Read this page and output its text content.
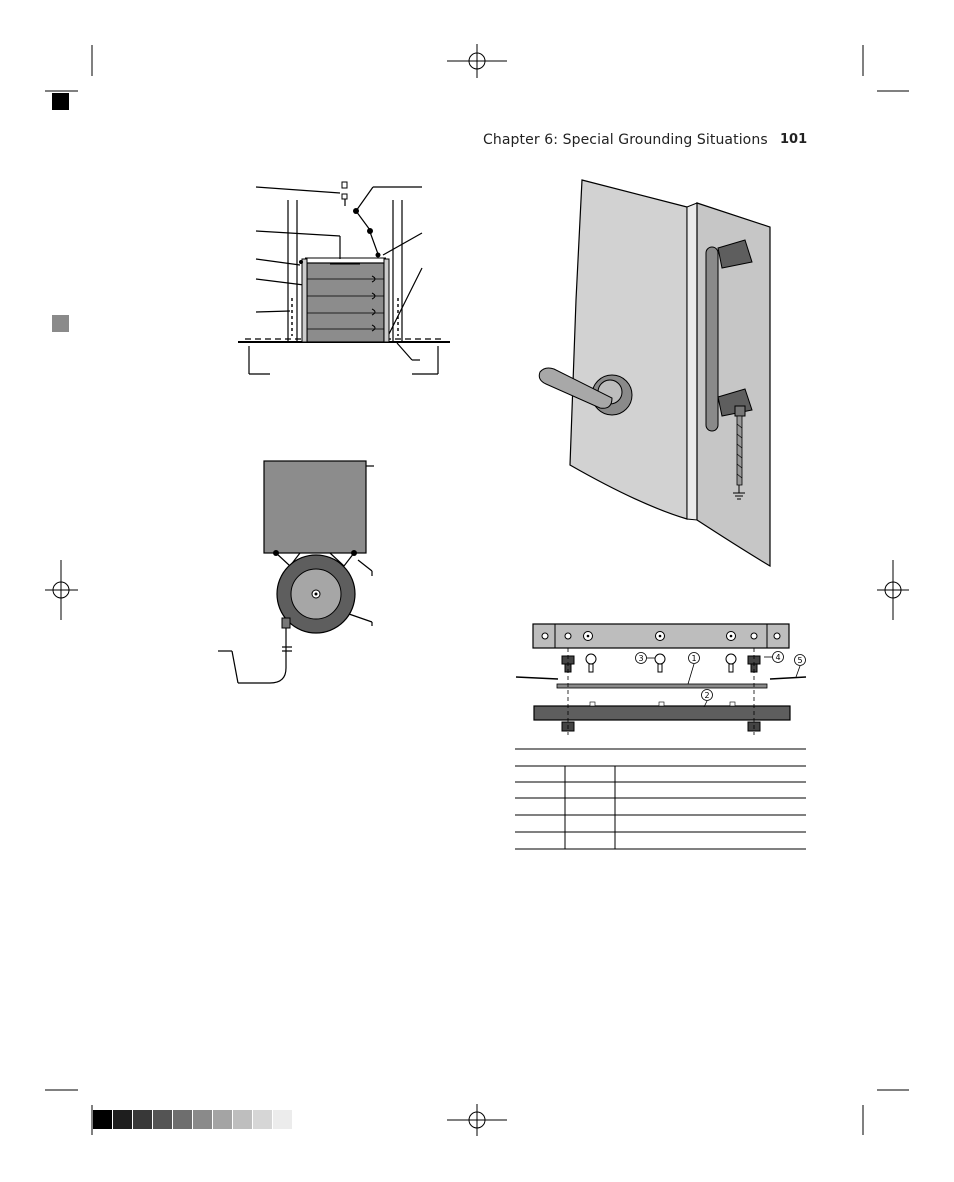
Chapter 6: Special Grounding Situations 101
3	1	4 5
2
